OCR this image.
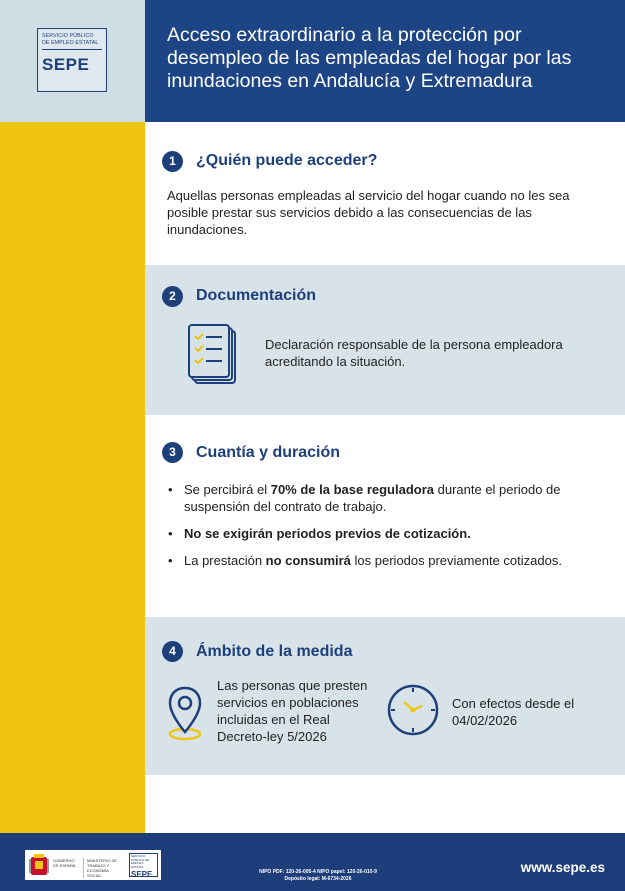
SERVICIO PÚBLICO
DE EMPLEO ESTATAL
SEPE
Acceso extraordinario a la protección por desempleo de las empleadas del hogar por las inundaciones en Andalucía y Extremadura
1	¿Quién puede acceder?
Aquellas personas empleadas al servicio del hogar cuando no les sea posible prestar sus servicios debido a las consecuencias de las inundaciones.
2	Documentación
Declaración responsable de la persona empleadora acreditando la situación.
3	Cuantía y duración
• Se percibirá el 70% de la base reguladora durante el periodo de suspensión del contrato de trabajo.
• No se exigirán periodos previos de cotización.
• La prestación no consumirá los periodos previamente cotizados.
4	Ámbito de la medida
Las personas que presten servicios en poblaciones incluidas en el Real Decreto-ley 5/2026
Con efectos desde el 04/02/2026
GOBIERNO DE ESPAÑA
MINISTERIO DE TRABAJO Y ECONOMÍA SOCIAL
SERVICIO PÚBLICO DE EMPLEO ESTATAL
SEPE	NIPO PDF: 120-26-005-4 NIPO papel: 120-26-010-9
Depósito legal: M-6734-2026
www.sepe.es
